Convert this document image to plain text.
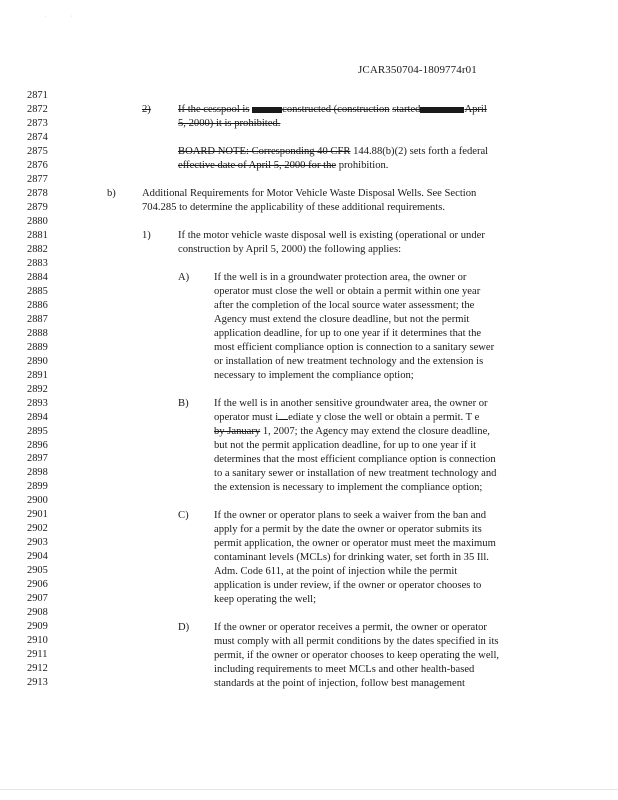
˙	˙
JCAR350704-1809774r01
2871
2872
2873
2874
2875
2876
2877
2878
2879
2880
2881
2882
2883
2884
2885
2886
2887
2888
2889
2890
2891
2892
2893
2894
2895
2896
2897
2898
2899
2900
2901
2902
2903
2904
2905
2906
2907
2908
2909
2910
2911
2912
2913
2)	If the cesspool is	constructed (construction started	April
5, 2000) it is prohibited.
BOARD NOTE: Corresponding 40 CFR 144.88(b)(2) sets forth a federal
effective date of April 5, 2000 for the prohibition.
b) Additional Requirements for Motor Vehicle Waste Disposal Wells. See Section
704.285 to determine the applicability of these additional requirements.
1)	If the motor vehicle waste disposal well is existing (operational or under
construction by April 5, 2000) the following applies:
A) If the well is in a groundwater protection area, the owner or
operator must close the well or obtain a permit within one year
after the completion of the local source water assessment; the
Agency must extend the closure deadline, but not the permit
application deadline, for up to one year if it determines that the
most efficient compliance option is connection to a sanitary sewer
or installation of new treatment technology and the extension is
necessary to implement the compliance option;
B) If the well is in another sensitive groundwater area, the owner or
operator must i ediate y close the well or obtain a permit. T e
by January 1, 2007; the Agency may extend the closure deadline,
but not the permit application deadline, for up to one year if it
determines that the most efficient compliance option is connection
to a sanitary sewer or installation of new treatment technology and
the extension is necessary to implement the compliance option;
C) If the owner or operator plans to seek a waiver from the ban and
apply for a permit by the date the owner or operator submits its
permit application, the owner or operator must meet the maximum
contaminant levels (MCLs) for drinking water, set forth in 35 Ill.
Adm. Code 611, at the point of injection while the permit
application is under review, if the owner or operator chooses to
keep operating the well;
D) If the owner or operator receives a permit, the owner or operator
must comply with all permit conditions by the dates specified in its
permit, if the owner or operator chooses to keep operating the well,
including requirements to meet MCLs and other health-based
standards at the point of injection, follow best management
